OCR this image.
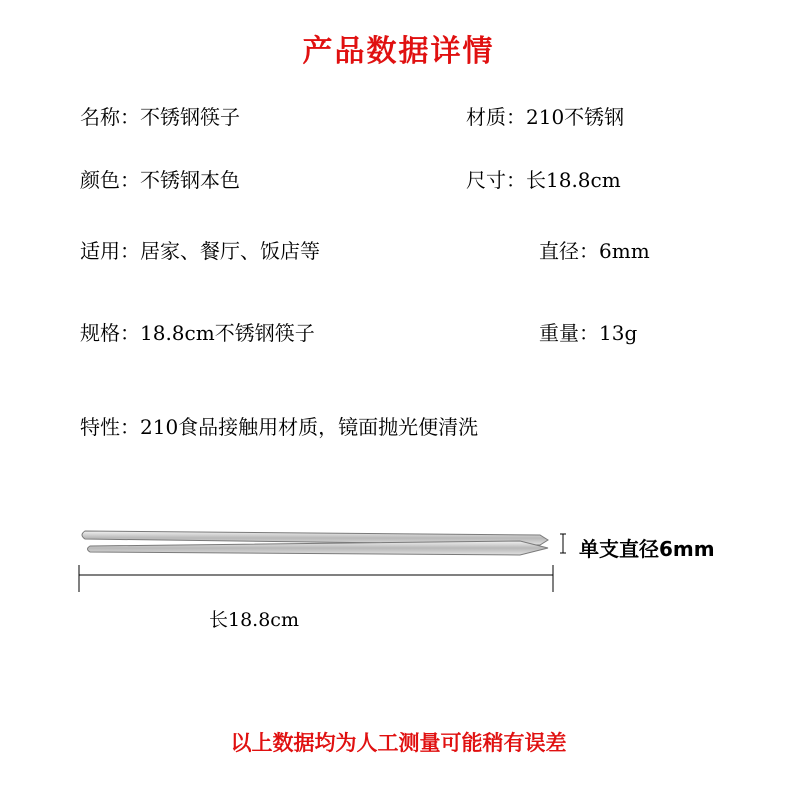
产品数据详情
名称：不锈钢筷子	材质：210不锈钢
颜色：不锈钢本色	尺寸：长18.8cm
适用：居家、餐厅、饭店等	直径：6mm
规格：18.8cm不锈钢筷子	重量：13g
特性：210食品接触用材质，镜面抛光便清洗
单支直径6mm
长18.8cm
以上数据均为人工测量可能稍有误差
